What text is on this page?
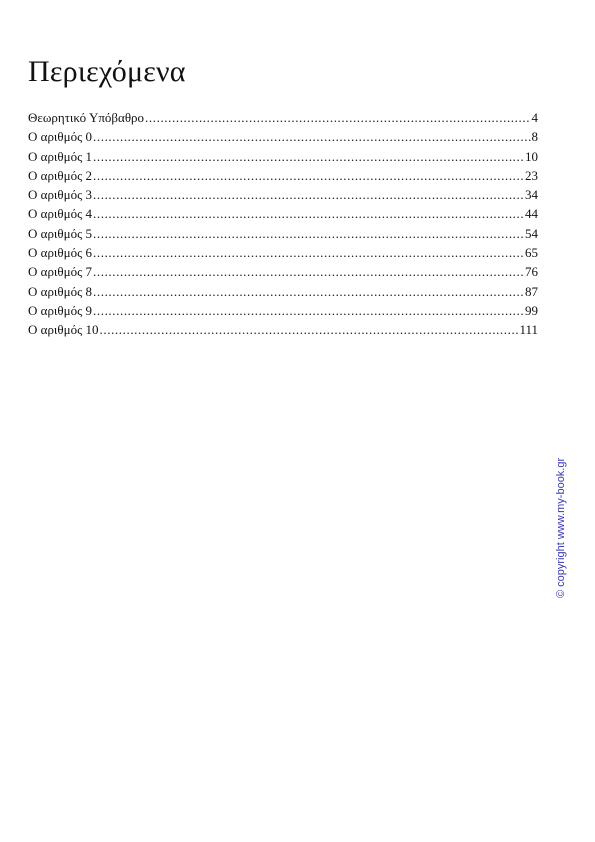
Περιεχόμενα
Θεωρητικό Υπόβαθρο .....	4
Ο αριθμός 0 .....	8
Ο αριθμός 1 .....	10
Ο αριθμός 2 .....	23
Ο αριθμός 3 .....	34
Ο αριθμός 4 .....	44
Ο αριθμός 5 .....	54
Ο αριθμός 6 .....	65
Ο αριθμός 7 .....	76
Ο αριθμός 8 .....	87
Ο αριθμός 9 .....	99
Ο αριθμός 10 .....	111
© copyright www.my-book.gr
